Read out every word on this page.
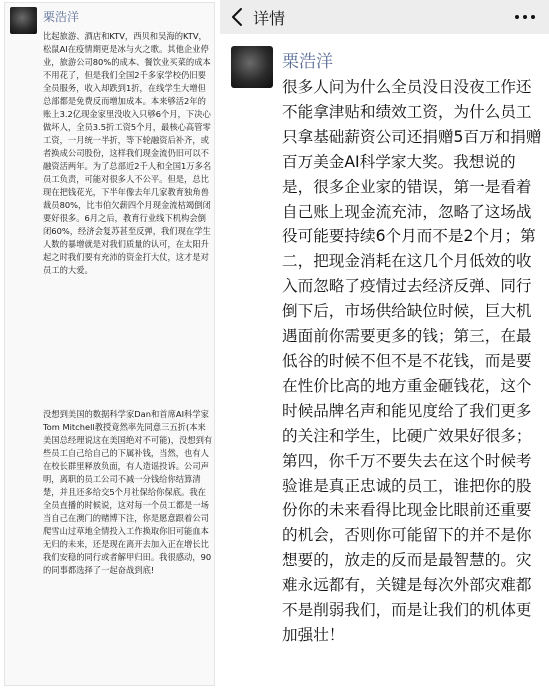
栗浩洋
比起旅游、酒店和KTV，西贝和吴海的KTV，松鼠AI在疫情期更是冰与火之歌。其他企业停业，旅游公司80%的成本、餐饮业买菜的成本不用花了，但是我们全国2千多家学校仍旧要全员服务，收入却跌到1折，在线学生大增但总部都是免费反而增加成本。本来够活2年的账上3.2亿现金家里没收入只够6个月，下决心做坏人，全员3.5折工资5个月，最核心高管零工资，一月统一半折，等下轮融资后补齐，或者换成公司股份，这样我们现金流仍旧可以不融资活两年。为了总部近2千人和全国1万多名员工负责，可能对很多人不公平。但是，总比现在把钱花光，下半年像去年几家教育独角兽裁员80%，比韦伯欠薪四个月现金流枯竭倒闭要好很多。6月之后，教育行业线下机构会倒闭60%，经济会复苏甚至反弹，我们现在学生人数的暴增就是对我们质量的认可，在太阳升起之时我们要有充沛的资金打大仗，这才是对员工的大爱。
没想到美国的数据科学家Dan和首席AI科学家Tom Mitchell教授竟然率先同意三五折(本来美国总经理说这在美国绝对不可能)，没想到有些员工自己给自己的下属补钱，当然，也有人在校长群里释放负面，有人造谣投诉。公司声明，离职的员工公司不减一分钱给你结算清楚，并且还多给交5个月社保给你保底。我在全员直播的时候说，这对每一个员工都是一场当自己在澳门的赌博下注，你是愿意跟着公司爬雪山过草地全情投入工作换取你旧可能血本无归的未来，还是现在离开去加入正在增长比我们安稳的同行或者解甲归田。我很感动，90的同事都选择了一起奋战到底!
详情
栗浩洋
很多人问为什么全员没日没夜工作还不能拿津贴和绩效工资，为什么员工只拿基础薪资公司还捐赠5百万和捐赠百万美金AI科学家大奖。我想说的是，很多企业家的错误，第一是看着自己账上现金流充沛，忽略了这场战役可能要持续6个月而不是2个月；第二，把现金消耗在这几个月低效的收入而忽略了疫情过去经济反弹、同行倒下后，市场供给缺位时候，巨大机遇面前你需要更多的钱；第三，在最低谷的时候不但不是不花钱，而是要在性价比高的地方重金砸钱花，这个时候品牌名声和能见度给了我们更多的关注和学生，比硬广效果好很多；第四，你千万不要失去在这个时候考验谁是真正忠诚的员工，谁把你的股份你的未来看得比现金比眼前还重要的机会，否则你可能留下的并不是你想要的，放走的反而是最智慧的。灾难永远都有，关键是每次外部灾难都不是削弱我们，而是让我们的机体更加强壮！
